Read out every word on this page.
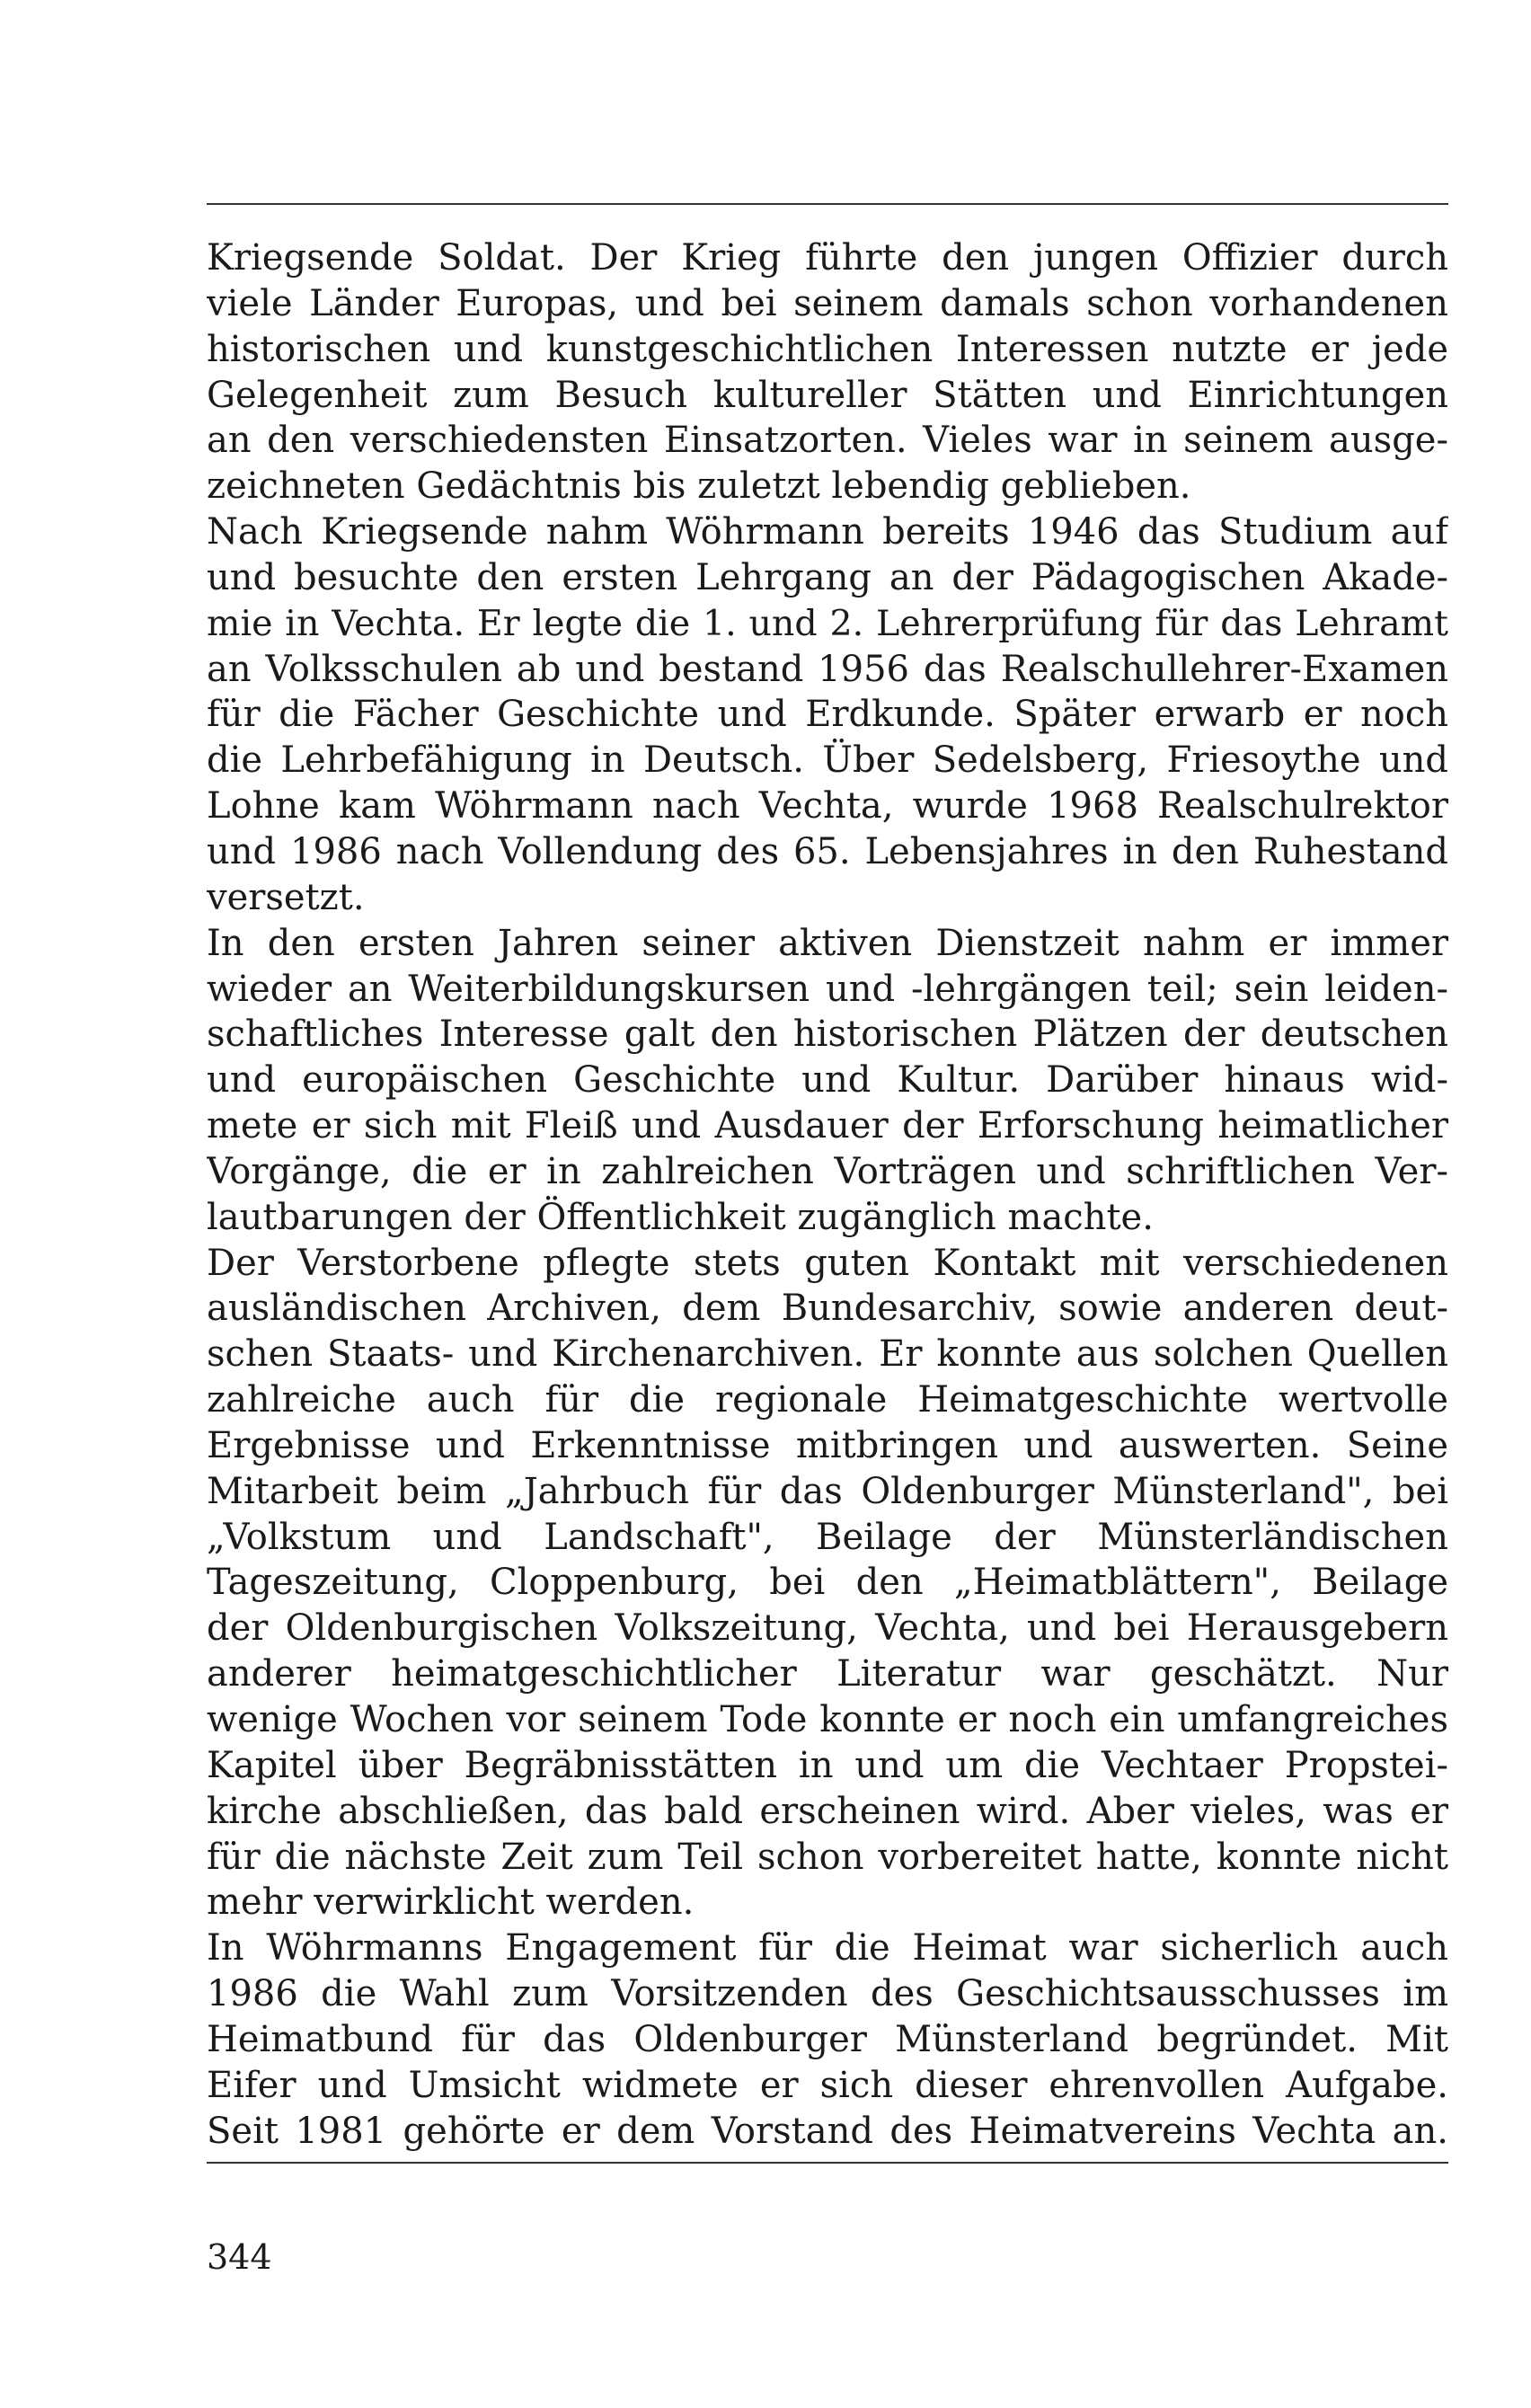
Kriegsende Soldat. Der Krieg führte den jungen Offizier durch
viele Länder Europas, und bei seinem damals schon vorhandenen
historischen und kunstgeschichtlichen Interessen nutzte er jede
Gelegenheit zum Besuch kultureller Stätten und Einrichtungen
an den verschiedensten Einsatzorten. Vieles war in seinem ausge-
zeichneten Gedächtnis bis zuletzt lebendig geblieben.
Nach Kriegsende nahm Wöhrmann bereits 1946 das Studium auf
und besuchte den ersten Lehrgang an der Pädagogischen Akade-
mie in Vechta. Er legte die 1. und 2. Lehrerprüfung für das Lehramt
an Volksschulen ab und bestand 1956 das Realschullehrer-Examen
für die Fächer Geschichte und Erdkunde. Später erwarb er noch
die Lehrbefähigung in Deutsch. Über Sedelsberg, Friesoythe und
Lohne kam Wöhrmann nach Vechta, wurde 1968 Realschulrektor
und 1986 nach Vollendung des 65. Lebensjahres in den Ruhestand
versetzt.
In den ersten Jahren seiner aktiven Dienstzeit nahm er immer
wieder an Weiterbildungskursen und -lehrgängen teil; sein leiden-
schaftliches Interesse galt den historischen Plätzen der deutschen
und europäischen Geschichte und Kultur. Darüber hinaus wid-
mete er sich mit Fleiß und Ausdauer der Erforschung heimatlicher
Vorgänge, die er in zahlreichen Vorträgen und schriftlichen Ver-
lautbarungen der Öffentlichkeit zugänglich machte.
Der Verstorbene pflegte stets guten Kontakt mit verschiedenen
ausländischen Archiven, dem Bundesarchiv, sowie anderen deut-
schen Staats- und Kirchenarchiven. Er konnte aus solchen Quellen
zahlreiche auch für die regionale Heimatgeschichte wertvolle
Ergebnisse und Erkenntnisse mitbringen und auswerten. Seine
Mitarbeit beim „Jahrbuch für das Oldenburger Münsterland", bei
„Volkstum und Landschaft", Beilage der Münsterländischen
Tageszeitung, Cloppenburg, bei den „Heimatblättern", Beilage
der Oldenburgischen Volkszeitung, Vechta, und bei Herausgebern
anderer heimatgeschichtlicher Literatur war geschätzt. Nur
wenige Wochen vor seinem Tode konnte er noch ein umfangreiches
Kapitel über Begräbnisstätten in und um die Vechtaer Propstei-
kirche abschließen, das bald erscheinen wird. Aber vieles, was er
für die nächste Zeit zum Teil schon vorbereitet hatte, konnte nicht
mehr verwirklicht werden.
In Wöhrmanns Engagement für die Heimat war sicherlich auch
1986 die Wahl zum Vorsitzenden des Geschichtsausschusses im
Heimatbund für das Oldenburger Münsterland begründet. Mit
Eifer und Umsicht widmete er sich dieser ehrenvollen Aufgabe.
Seit 1981 gehörte er dem Vorstand des Heimatvereins Vechta an.
344
